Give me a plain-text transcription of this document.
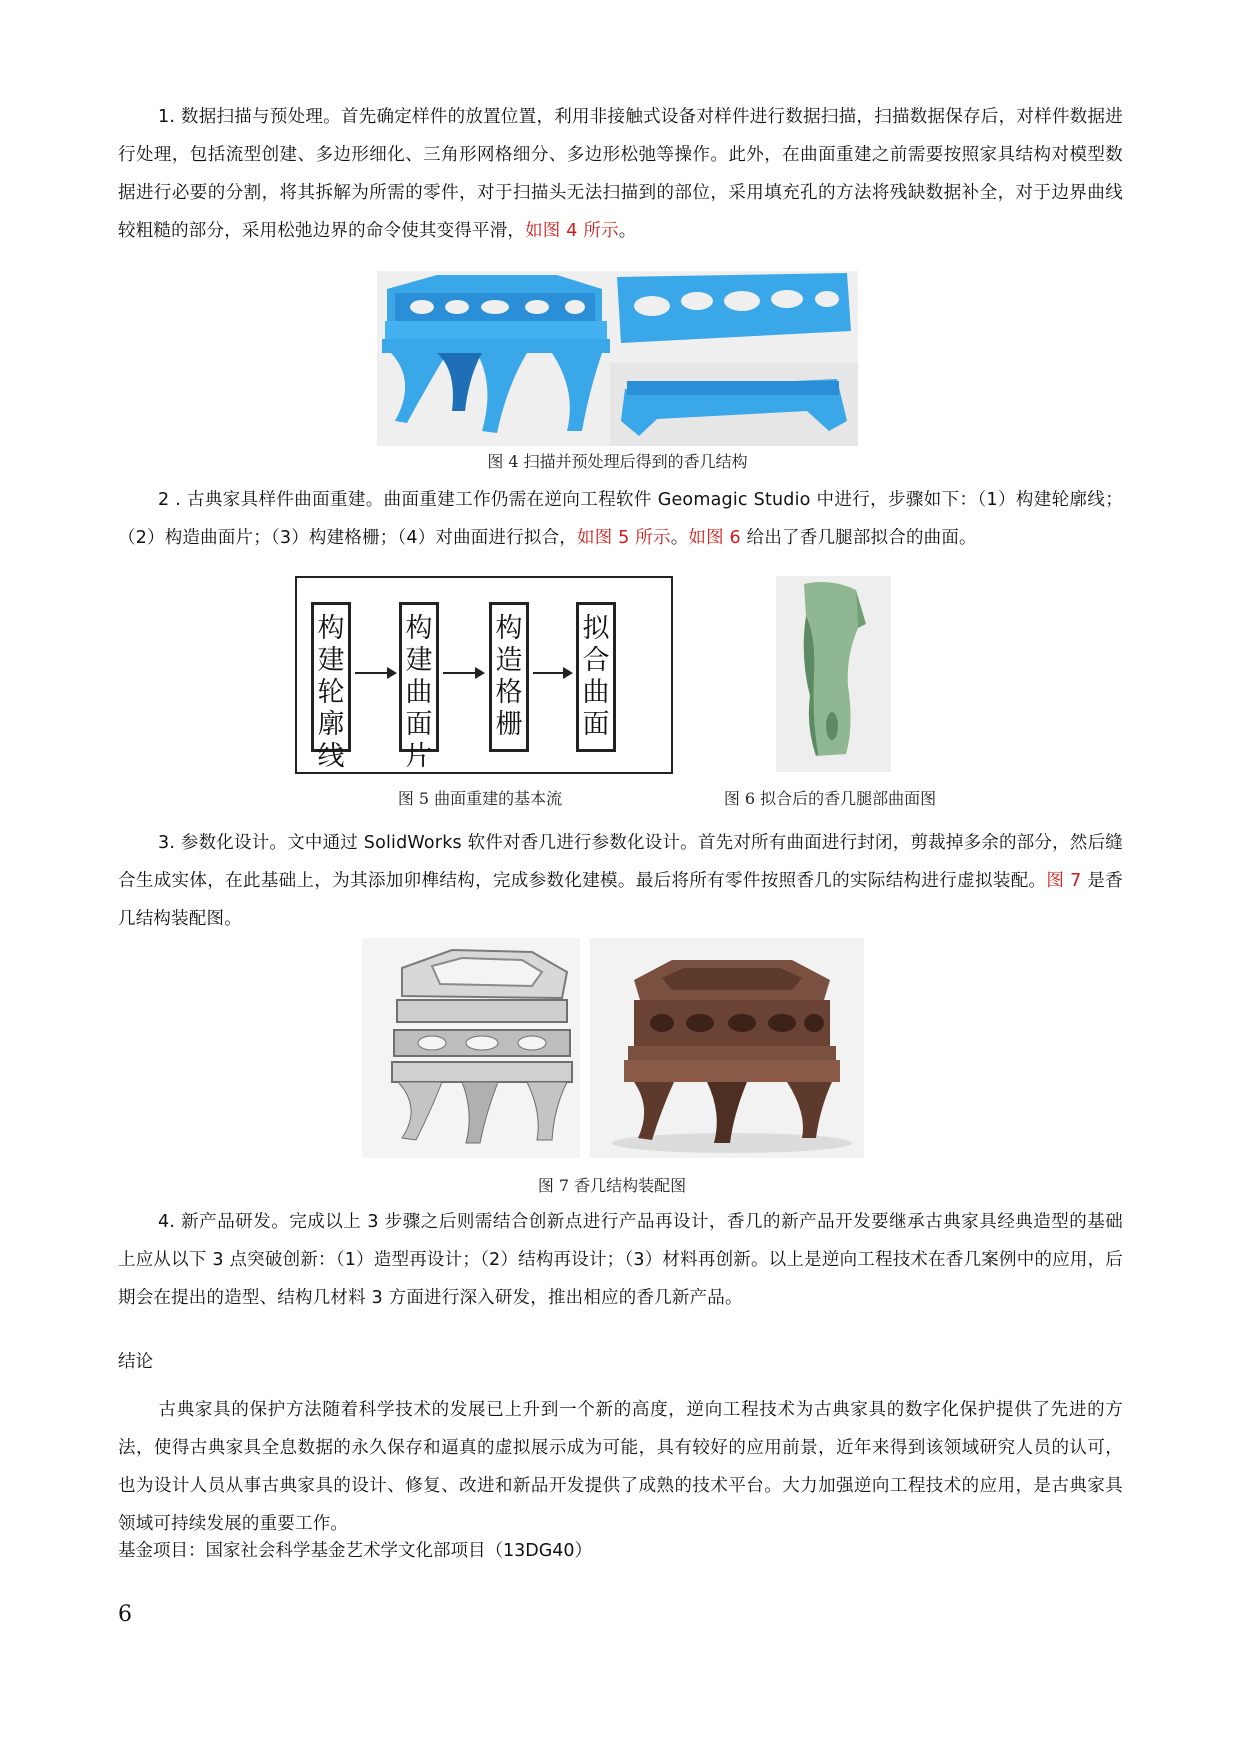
1. 数据扫描与预处理。首先确定样件的放置位置，利用非接触式设备对样件进行数据扫描，扫描数据保存后，对样件数据进行处理，包括流型创建、多边形细化、三角形网格细分、多边形松弛等操作。此外，在曲面重建之前需要按照家具结构对模型数据进行必要的分割，将其拆解为所需的零件，对于扫描头无法扫描到的部位，采用填充孔的方法将残缺数据补全，对于边界曲线较粗糙的部分，采用松弛边界的命令使其变得平滑，如图 4 所示。

图 4 扫描并预处理后得到的香几结构

2 . 古典家具样件曲面重建。曲面重建工作仍需在逆向工程软件 Geomagic Studio 中进行，步骤如下：（1）构建轮廓线；（2）构造曲面片；（3）构建格栅；（4）对曲面进行拟合，如图 5 所示。如图 6 给出了香几腿部拟合的曲面。

构建轮廓线
构建曲面片
构造格栅
拟合曲面
图 5 曲面重建的基本流	图 6 拟合后的香几腿部曲面图

3. 参数化设计。文中通过 SolidWorks 软件对香几进行参数化设计。首先对所有曲面进行封闭，剪裁掉多余的部分，然后缝合生成实体，在此基础上，为其添加卯榫结构，完成参数化建模。最后将所有零件按照香几的实际结构进行虚拟装配。图 7 是香几结构装配图。

图 7 香几结构装配图

4. 新产品研发。完成以上 3 步骤之后则需结合创新点进行产品再设计，香几的新产品开发要继承古典家具经典造型的基础上应从以下 3 点突破创新：（1）造型再设计；（2）结构再设计；（3）材料再创新。以上是逆向工程技术在香几案例中的应用，后期会在提出的造型、结构几材料 3 方面进行深入研发，推出相应的香几新产品。

结论

古典家具的保护方法随着科学技术的发展已上升到一个新的高度，逆向工程技术为古典家具的数字化保护提供了先进的方法，使得古典家具全息数据的永久保存和逼真的虚拟展示成为可能，具有较好的应用前景，近年来得到该领域研究人员的认可，也为设计人员从事古典家具的设计、修复、改进和新品开发提供了成熟的技术平台。大力加强逆向工程技术的应用，是古典家具领域可持续发展的重要工作。

基金项目：国家社会科学基金艺术学文化部项目（13DG40）
6
